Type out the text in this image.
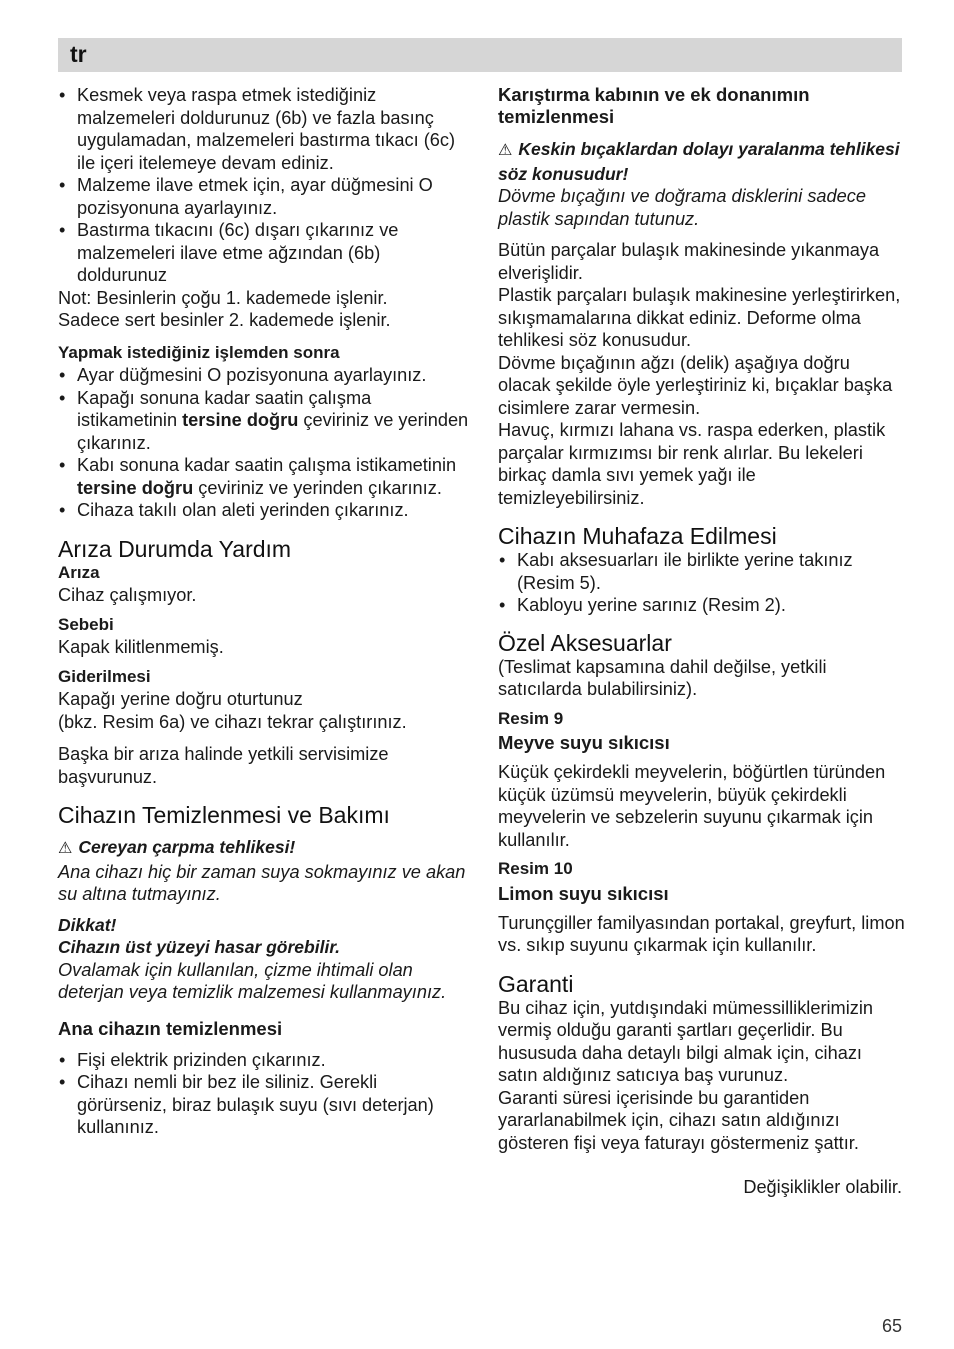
tr
• Kesmek veya raspa etmek istediğiniz malzemeleri doldurunuz (6b) ve fazla basınç uygulamadan, malzemeleri bastırma tıkacı (6c) ile içeri itelemeye devam ediniz.
• Malzeme ilave etmek için, ayar düğmesini O pozisyonuna ayarlayınız.
• Bastırma tıkacını (6c) dışarı çıkarınız ve malzemeleri ilave etme ağzından (6b) doldurunuz

Not: Besinlerin çoğu 1. kademede işlenir.

Sadece sert besinler 2. kademede işlenir.

Yapmak istediğiniz işlemden sonra

• Ayar düğmesini O pozisyonuna ayarlayınız.
• Kapağı sonuna kadar saatin çalışma istikametinin tersine doğru çeviriniz ve yerinden çıkarınız.
• Kabı sonuna kadar saatin çalışma istikametinin tersine doğru çeviriniz ve yerinden çıkarınız.
• Cihaza takılı olan aleti yerinden çıkarınız.
Arıza Durumda Yardım

Arıza

Cihaz çalışmıyor.

Sebebi

Kapak kilitlenmemiş.

Giderilmesi

Kapağı yerine doğru oturtunuz

(bkz. Resim 6a) ve cihazı tekrar çalıştırınız.

Başka bir arıza halinde yetkili servisimize başvurunuz.

Cihazın Temizlenmesi ve Bakımı

⚠ Cereyan çarpma tehlikesi!

Ana cihazı hiç bir zaman suya sokmayınız ve akan su altına tutmayınız.

Dikkat!

Cihazın üst yüzeyi hasar görebilir.

Ovalamak için kullanılan, çizme ihtimali olan deterjan veya temizlik malzemesi kullanmayınız.

Ana cihazın temizlenmesi
• Fişi elektrik prizinden çıkarınız.
• Cihazı nemli bir bez ile siliniz. Gerekli görürseniz, biraz bulaşık suyu (sıvı deterjan) kullanınız.
Karıştırma kabının ve ek donanımın temizlenmesi

⚠ Keskin bıçaklardan dolayı yaralanma tehlikesi söz konusudur!

Dövme bıçağını ve doğrama disklerini sadece plastik sapından tutunuz.

Bütün parçalar bulaşık makinesinde yıkanmaya elverişlidir.

Plastik parçaları bulaşık makinesine yerleştirirken, sıkışmamalarına dikkat ediniz. Deforme olma tehlikesi söz konusudur.

Dövme bıçağının ağzı (delik) aşağıya doğru olacak şekilde öyle yerleştiriniz ki, bıçaklar başka cisimlere zarar vermesin.

Havuç, kırmızı lahana vs. raspa ederken, plastik parçalar kırmızımsı bir renk alırlar. Bu lekeleri birkaç damla sıvı yemek yağı ile temizleyebilirsiniz.

Cihazın Muhafaza Edilmesi
• Kabı aksesuarları ile birlikte yerine takınız (Resim 5).
• Kabloyu yerine sarınız (Resim 2).
Özel Aksesuarlar

(Teslimat kapsamına dahil değilse, yetkili satıcılarda bulabilirsiniz).

Resim 9

Meyve suyu sıkıcısı

Küçük çekirdekli meyvelerin, böğürtlen türünden küçük üzümsü meyvelerin, büyük çekirdekli meyvelerin ve sebzelerin suyunu çıkarmak için kullanılır.

Resim 10

Limon suyu sıkıcısı

Turunçgiller familyasından portakal, greyfurt, limon vs. sıkıp suyunu çıkarmak için kullanılır.

Garanti

Bu cihaz için, yutdışındaki mümessilliklerimizin vermiş olduğu garanti şartları geçerlidir. Bu hususuda daha detaylı bilgi almak için, cihazı satın aldığınız satıcıya baş vurunuz.

Garanti süresi içerisinde bu garantiden yararlanabilmek için, cihazı satın aldığınızı gösteren fişi veya faturayı göstermeniz şattır.

Değişiklikler olabilir.

65
